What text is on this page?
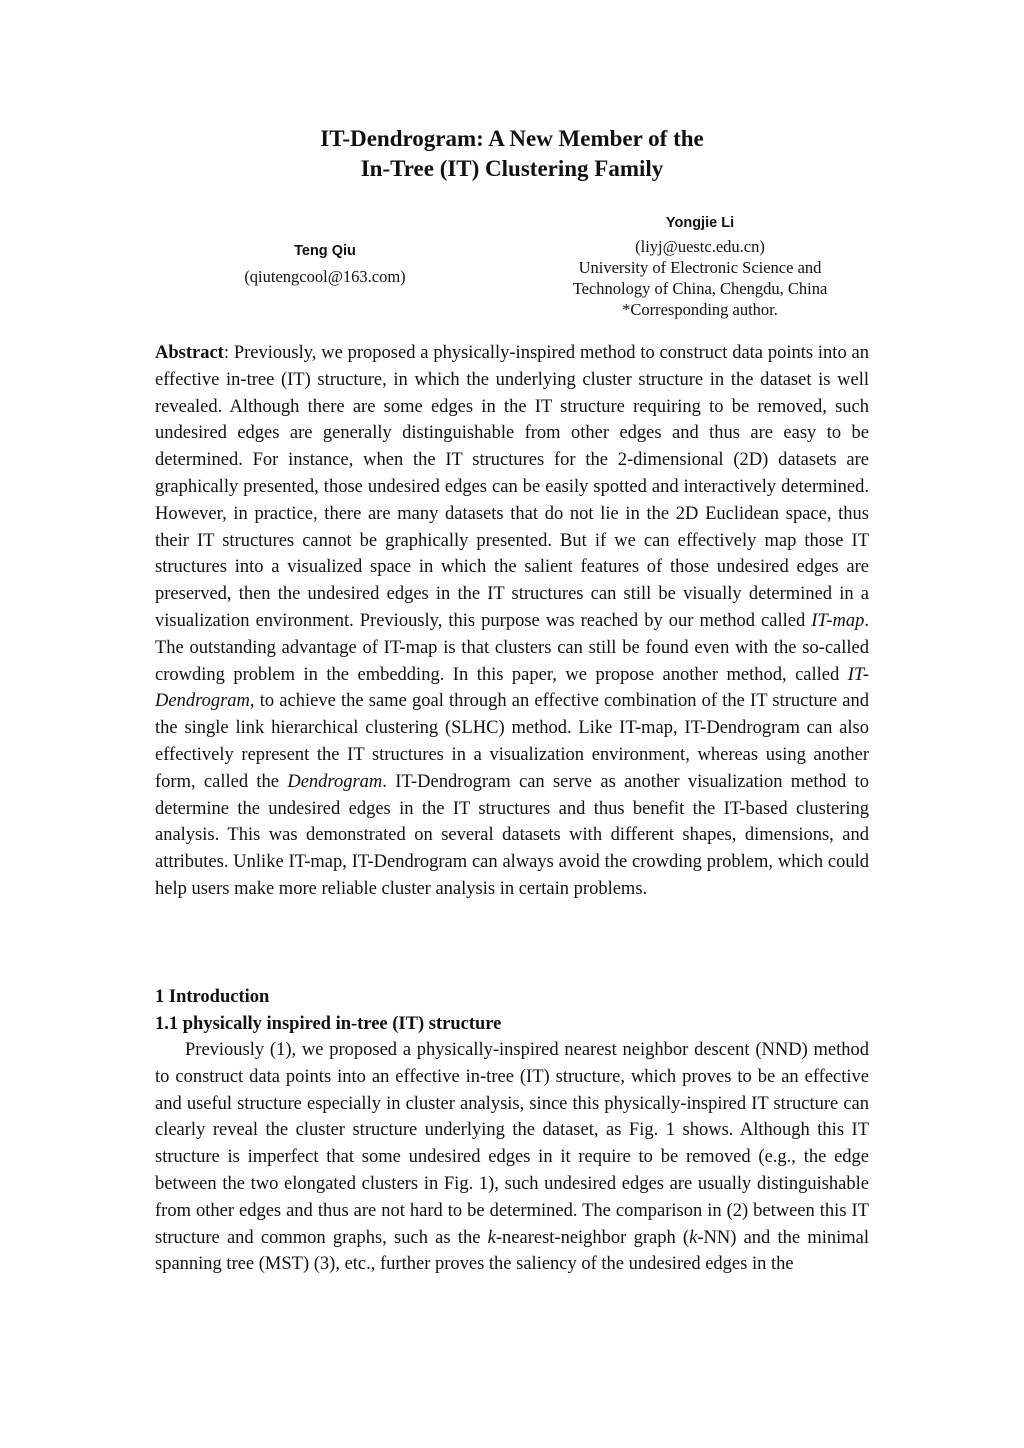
IT-Dendrogram: A New Member of the
In-Tree (IT) Clustering Family
Teng Qiu
(qiutengcool@163.com)
Yongjie Li
(liyj@uestc.edu.cn)
University of Electronic Science and
Technology of China, Chengdu, China
*Corresponding author.
Abstract: Previously, we proposed a physically-inspired method to construct data points into an effective in-tree (IT) structure, in which the underlying cluster structure in the dataset is well revealed. Although there are some edges in the IT structure requiring to be removed, such undesired edges are generally distinguishable from other edges and thus are easy to be determined. For instance, when the IT structures for the 2-dimensional (2D) datasets are graphically presented, those undesired edges can be easily spotted and interactively determined. However, in practice, there are many datasets that do not lie in the 2D Euclidean space, thus their IT structures cannot be graphically presented. But if we can effectively map those IT structures into a visualized space in which the salient features of those undesired edges are preserved, then the undesired edges in the IT structures can still be visually determined in a visualization environment. Previously, this purpose was reached by our method called IT-map. The outstanding advantage of IT-map is that clusters can still be found even with the so-called crowding problem in the embedding. In this paper, we propose another method, called IT-Dendrogram, to achieve the same goal through an effective combination of the IT structure and the single link hierarchical clustering (SLHC) method. Like IT-map, IT-Dendrogram can also effectively represent the IT structures in a visualization environment, whereas using another form, called the Dendrogram. IT-Dendrogram can serve as another visualization method to determine the undesired edges in the IT structures and thus benefit the IT-based clustering analysis. This was demonstrated on several datasets with different shapes, dimensions, and attributes. Unlike IT-map, IT-Dendrogram can always avoid the crowding problem, which could help users make more reliable cluster analysis in certain problems.
1 Introduction
1.1 physically inspired in-tree (IT) structure
Previously (1), we proposed a physically-inspired nearest neighbor descent (NND) method to construct data points into an effective in-tree (IT) structure, which proves to be an effective and useful structure especially in cluster analysis, since this physically-inspired IT structure can clearly reveal the cluster structure underlying the dataset, as Fig. 1 shows. Although this IT structure is imperfect that some undesired edges in it require to be removed (e.g., the edge between the two elongated clusters in Fig. 1), such undesired edges are usually distinguishable from other edges and thus are not hard to be determined. The comparison in (2) between this IT structure and common graphs, such as the k-nearest-neighbor graph (k-NN) and the minimal spanning tree (MST) (3), etc., further proves the saliency of the undesired edges in the
